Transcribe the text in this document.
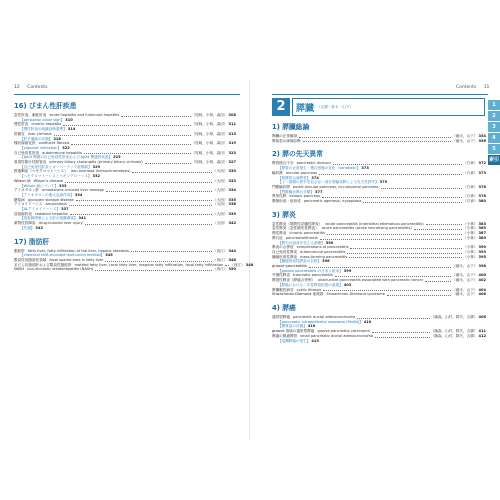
12 Contents
16) びまん性肝疾患
急性肝炎，劇症肝炎 acute hepatitis and fulminant hepatitis	（尾崎，小林，森田） 308
【periportal collar sign】 310
慢性肝炎 chronic hepatitis	（尾崎，小林，森田） 311
【慢性肝炎の組織診断基準】 314
肝硬変 liver cirrhosis	（尾崎，小林，森田） 315
【肝予備能の評価】 318
槐状線維化肝 confluent fibrosis	（尾崎，小林，森田） 319
【capsular retraction】 322
自己免疫性肝炎 autoimmune hepatitis	（尾崎，小林，森田） 323
【IgG4 関連の自己免疫性肝炎および IgG4 関連肝疾患】 325
原発性胆汁性胆管炎 primary biliary cholangitis (primary biliary cirrhosis)	（尾崎，小林，森田） 327
【自己免疫性肝炎とオーバーラップ症候群】 329
鉄過剰症（ヘモクロマトーシス） iron overload (hemochromatosis)	（大西） 330
【ヘモクロマトーシスとヘモジデローシス】 332
Wilson 病 Wilson's disease	（大西） 333
【Wilson 病について】 333
アミオダロン肝 amiodarone-induced liver damage	（大西） 334
【アミオダロンの重大な副作用】 334
糖原病 glycogen storage disease	（大西） 335
アミロイドーシス amyloidosis	（大西） 336
【ALアミロイドーシス】 337
放射線肝炎 radiation hepatitis	（大西） 339
【放射線照射による肝の組織傷害】 341
薬物性肝障害 drug-induced liver injury	（大西） 342
【代謝】 343
17) 脂肪肝
脂肪肝 fatty liver, fatty infiltration of the liver, hepatic steatosis	（西江） 344
【chemical shift-encoded multi-echo method】 345
限局性低脂肪化領域 focal spared area in fatty liver	（西江） 346
まだら状脂肪肝および限局性脂肪肝 mottled fatty liver, focal fatty liver, irregular fatty infiltration, focal fatty infiltration （西江） 348
NASH non-alcoholic steatohepatitis (NASH)	（西江） 350
Contents 11
2	膵臓 （吉廣・鈴木・山下）
1) 膵臓総論
膵臓の正常解剖	（藤永，山下） 354
膵疾患の画像診断	（藤永，山下） 356
2) 膵の先天異常
膵管癒合不全 pancreatic divisum	（石神） 372
【膵管の正常発生・癒合形態の変化（variation）】 373
輪状膵 annular pancreas	（石神） 373
【胆膵管合流異常】 374
【十二指腸の狭窄を有さない部分型輪状膵による先天性狭窄】 375
門脈輪状膵 portal annular pancreas, circumportal pancreas	（石神） 376
【門脈輪状膵の分類】 377
異所性膵 ectopic pancreas	（石神） 378
膵無形成・低形成 pancreatic agenesis, hypoplasia	（石神） 380
3) 膵炎
急性膵炎（間質性浮腫性膵炎） acute pancreatitis (interstitial edematous pancreatitis)	（小林） 383
急性膵炎（急性壊死性膵炎） acute pancreatitis (acute necrotizing pancreatitis)	（小林） 385
慢性膵炎 chronic pancreatitis	（小林） 387
膵石症 pancreatolithiasis	（小林） 389
【膵石の組成を変える治療】 390
膵炎の合併症 complications of pancreatitis	（小林） 390
自己免疫性膵炎 autoimmune pancreatitis	（小林） 393
腫瘤形成性膵炎 mass-forming pancreatitis	（小林） 395
【腫瘤形成性膵炎の名称】 396
groove pancreatitis	（藤永，山下） 398
【groove pancreatitis の日本と欧米】 399
外傷性膵炎 traumatic pancreatitis	（藤永，山下） 400
膵管性膵炎（膵癌合併例） obstructive pancreatitis associated with pancreatic cancer	（藤永，山下） 402
【膵癌における二次性膵管拡張の意義】 403
膵嚢胞性病変 cystic fibrosis	（藤永，山下） 404
Shwachman-Diamond 症候群 Shwachman-Diamond syndrome	（藤永，山下） 406
4) 膵癌
通常型膵癌 pancreatic ductal adenocarcinoma	（藤森，山村，降矢，吉廣） 408
【pancreatic intraepithelial neoplasia (PanIN)】 410
【間質量の評価】 410
groove 領域の通常型膵癌 groove pancreatic carcinoma	（藤森，山村，降矢，吉廣） 411
膵癌の微細膵管 small pancreatic ductal adenocarcinoma	（藤森，山村，降矢，吉廣） 412
【浸潤膵癌の発生】 413
1
2
3
4
5
索引
